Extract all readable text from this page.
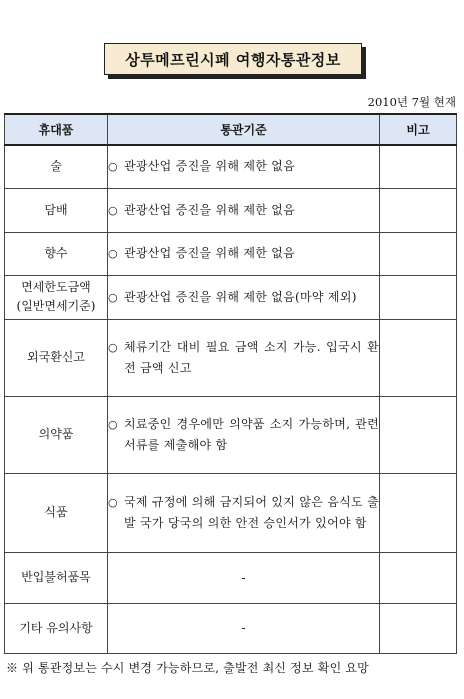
상투메프린시페 여행자통관정보
2010년 7월 현재
휴대품	통관기준	비고
술	○ 관광산업 증진을 위해 제한 없음	

담배	○ 관광산업 증진을 위해 제한 없음	

향수	○ 관광산업 증진을 위해 제한 없음	

면세한도금액
(일반면세기준)	○ 관광산업 증진을 위해 제한 없음(마약 제외)	

외국환신고	○ 체류기간 대비 필요 금액 소지 가능. 입국시 환전 금액 신고	

의약품	○ 치료중인 경우에만 의약품 소지 가능하며, 관련 서류를 제출해야 함	

식품	○ 국제 규정에 의해 금지되어 있지 않은 음식도 출발 국가 당국의 의한 안전 승인서가 있어야 함	

반입불허품목	-	

기타 유의사항	-	

※ 위 통관정보는 수시 변경 가능하므로, 출발전 최신 정보 확인 요망
